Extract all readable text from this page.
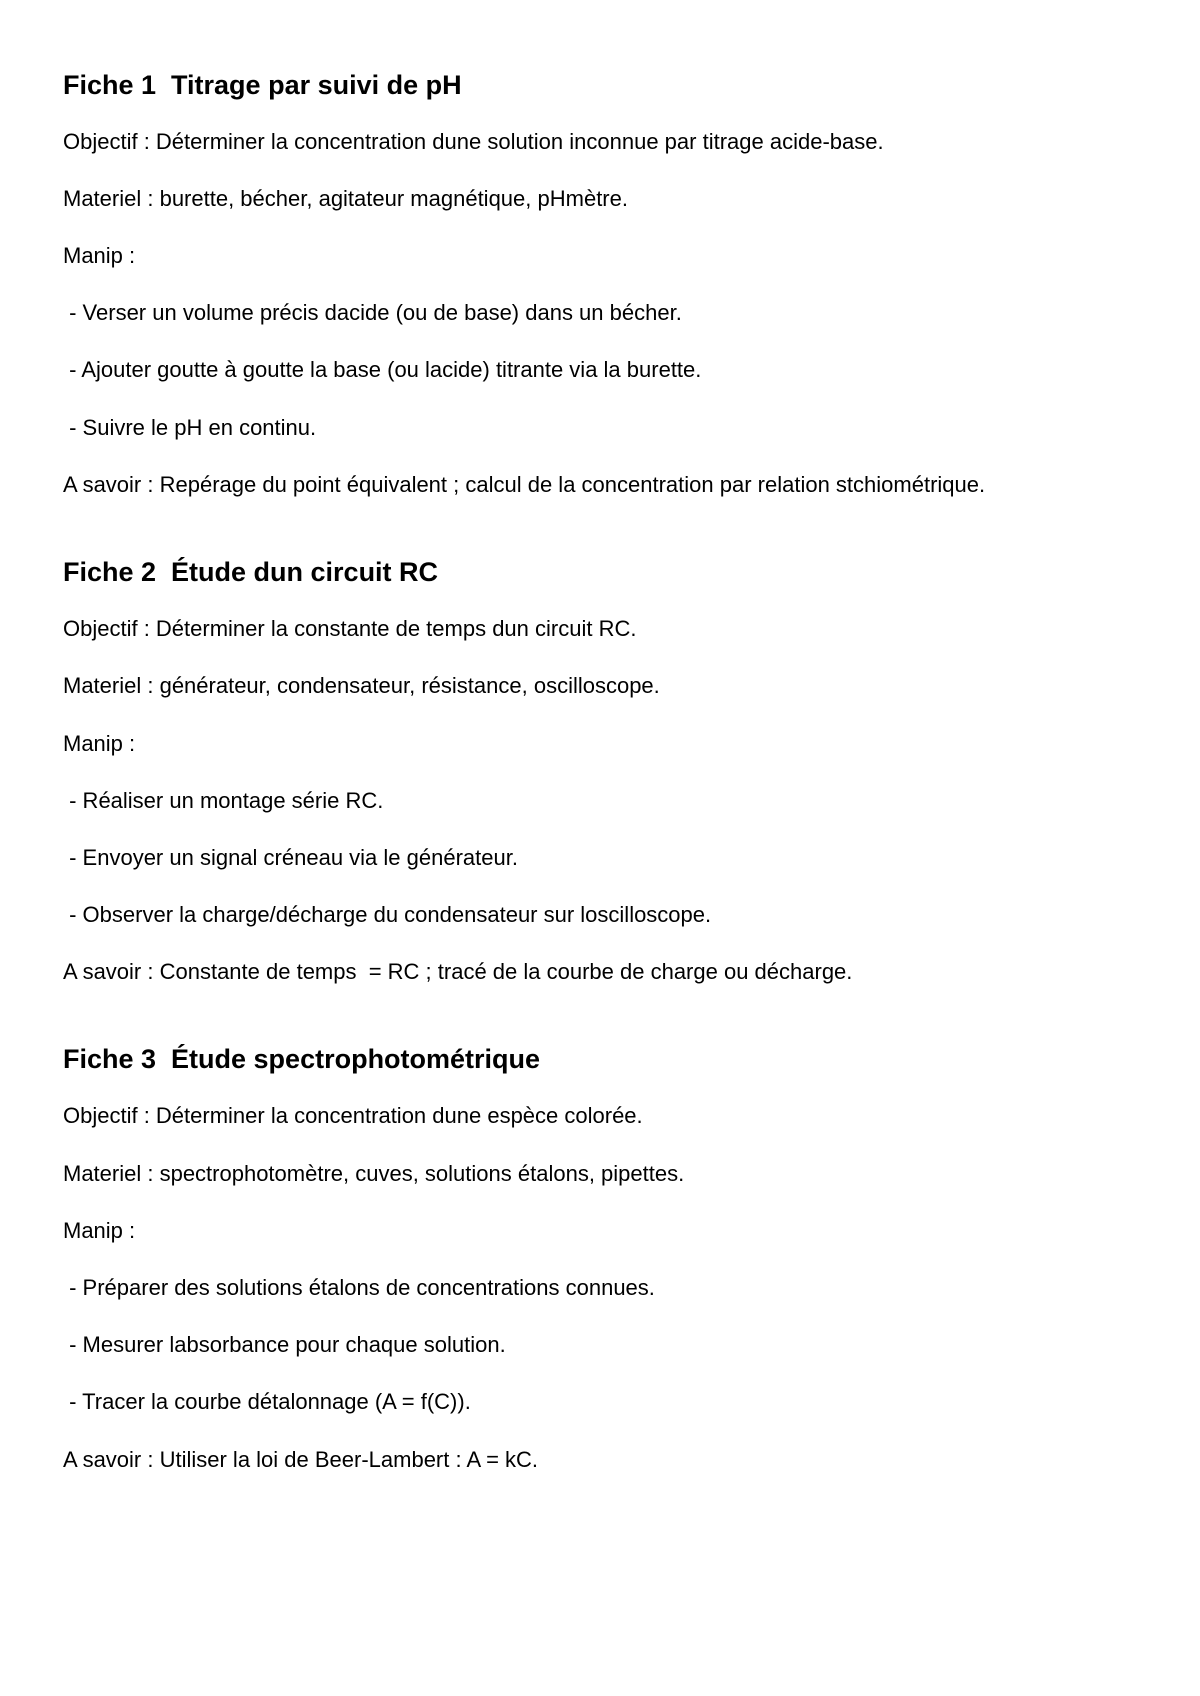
Fiche 1  Titrage par suivi de pH
Objectif : Déterminer la concentration dune solution inconnue par titrage acide-base.
Materiel : burette, bécher, agitateur magnétique, pHmètre.
Manip :
- Verser un volume précis dacide (ou de base) dans un bécher.
- Ajouter goutte à goutte la base (ou lacide) titrante via la burette.
- Suivre le pH en continu.
A savoir : Repérage du point équivalent ; calcul de la concentration par relation stchiométrique.
Fiche 2  Étude dun circuit RC
Objectif : Déterminer la constante de temps dun circuit RC.
Materiel : générateur, condensateur, résistance, oscilloscope.
Manip :
- Réaliser un montage série RC.
- Envoyer un signal créneau via le générateur.
- Observer la charge/décharge du condensateur sur loscilloscope.
A savoir : Constante de temps  = RC ; tracé de la courbe de charge ou décharge.
Fiche 3  Étude spectrophotométrique
Objectif : Déterminer la concentration dune espèce colorée.
Materiel : spectrophotomètre, cuves, solutions étalons, pipettes.
Manip :
- Préparer des solutions étalons de concentrations connues.
- Mesurer labsorbance pour chaque solution.
- Tracer la courbe détalonnage (A = f(C)).
A savoir : Utiliser la loi de Beer-Lambert : A = kC.
